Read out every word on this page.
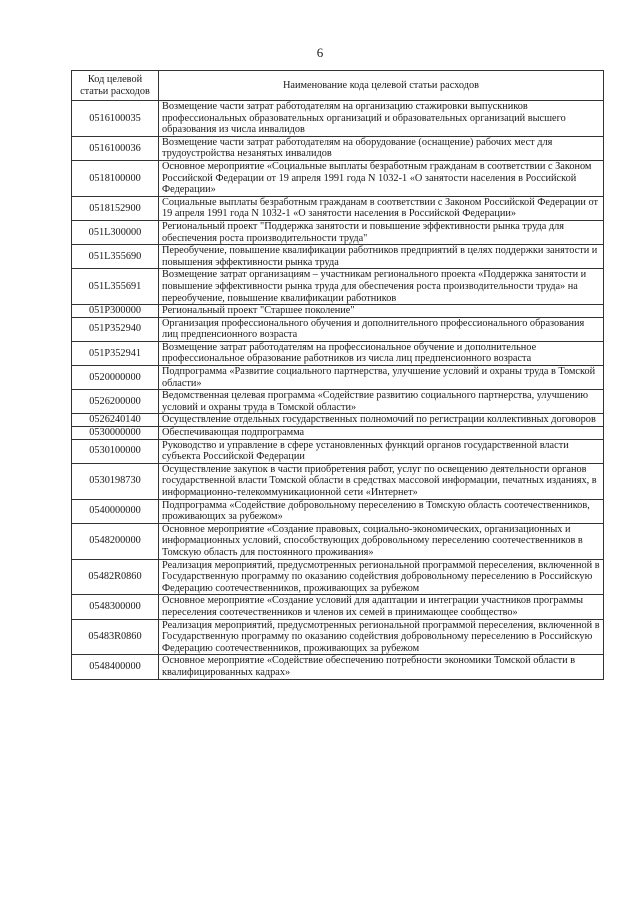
6
Код целевой статьи расходов	Наименование кода целевой статьи расходов
0516100035	Возмещение части затрат работодателям на организацию стажировки выпускников профессиональных образовательных организаций и образовательных организаций высшего образования из числа инвалидов
0516100036	Возмещение части затрат работодателям на оборудование (оснащение) рабочих мест для трудоустройства незанятых инвалидов
0518100000	Основное мероприятие «Социальные выплаты безработным гражданам в соответствии с Законом Российской Федерации от 19 апреля 1991 года N 1032-1 «О занятости населения в Российской Федерации»
0518152900	Социальные выплаты безработным гражданам в соответствии с Законом Российской Федерации от 19 апреля 1991 года N 1032-1 «О занятости населения в Российской Федерации»
051L300000	Региональный проект "Поддержка занятости и повышение эффективности рынка труда для обеспечения роста производительности труда"
051L355690	Переобучение, повышение квалификации работников предприятий в целях поддержки занятости и повышения эффективности рынка труда
051L355691	Возмещение затрат организациям – участникам регионального проекта «Поддержка занятости и повышение эффективности рынка труда для обеспечения роста производительности труда» на переобучение, повышение квалификации работников
051P300000	Региональный проект "Старшее поколение"
051P352940	Организация профессионального обучения и дополнительного профессионального образования лиц предпенсионного возраста
051P352941	Возмещение затрат работодателям на профессиональное обучение и дополнительное профессиональное образование работников из числа лиц предпенсионного возраста
0520000000	Подпрограмма «Развитие социального партнерства, улучшение условий и охраны труда в Томской области»
0526200000	Ведомственная целевая программа «Содействие развитию социального партнерства, улучшению условий и охраны труда в Томской области»
0526240140	Осуществление отдельных государственных полномочий по регистрации коллективных договоров
0530000000	Обеспечивающая подпрограмма
0530100000	Руководство и управление в сфере установленных функций органов государственной власти субъекта Российской Федерации
0530198730	Осуществление закупок в части приобретения работ, услуг по освещению деятельности органов государственной власти Томской области в средствах массовой информации, печатных изданиях, в информационно-телекоммуникационной сети «Интернет»
0540000000	Подпрограмма «Содействие добровольному переселению в Томскую область соотечественников, проживающих за рубежом»
0548200000	Основное мероприятие «Создание правовых, социально-экономических, организационных и информационных условий, способствующих добровольному переселению соотечественников в Томскую область для постоянного проживания»
05482R0860	Реализация мероприятий, предусмотренных региональной программой переселения, включенной в Государственную программу по оказанию содействия добровольному переселению в Российскую Федерацию соотечественников, проживающих за рубежом
0548300000	Основное мероприятие «Создание условий для адаптации и интеграции участников программы переселения соотечественников и членов их семей в принимающее сообщество»
05483R0860	Реализация мероприятий, предусмотренных региональной программой переселения, включенной в Государственную программу по оказанию содействия добровольному переселению в Российскую Федерацию соотечественников, проживающих за рубежом
0548400000	Основное мероприятие «Содействие обеспечению потребности экономики Томской области в квалифицированных кадрах»
